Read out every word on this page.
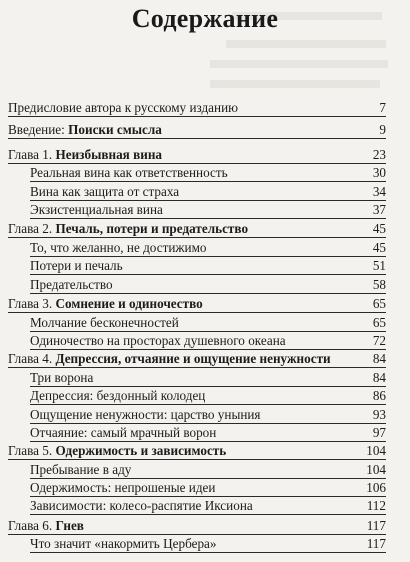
Содержание
Предисловие автора к русскому изданию	7
Введение: Поиски смысла	9
Глава 1. Неизбывная вина	23
Реальная вина как ответственность	30
Вина как защита от страха	34
Экзистенциальная вина	37
Глава 2. Печаль, потери и предательство	45
То, что желанно, не достижимо	45
Потери и печаль	51
Предательство	58
Глава 3. Сомнение и одиночество	65
Молчание бесконечностей	65
Одиночество на просторах душевного океана	72
Глава 4. Депрессия, отчаяние и ощущение ненужности	84
Три ворона	84
Депрессия: бездонный колодец	86
Ощущение ненужности: царство уныния	93
Отчаяние: самый мрачный ворон	97
Глава 5. Одержимость и зависимость	104
Пребывание в аду	104
Одержимость: непрошеные идеи	106
Зависимости: колесо-распятие Иксиона	112
Глава 6. Гнев	117
Что значит «накормить Цербера»	117
